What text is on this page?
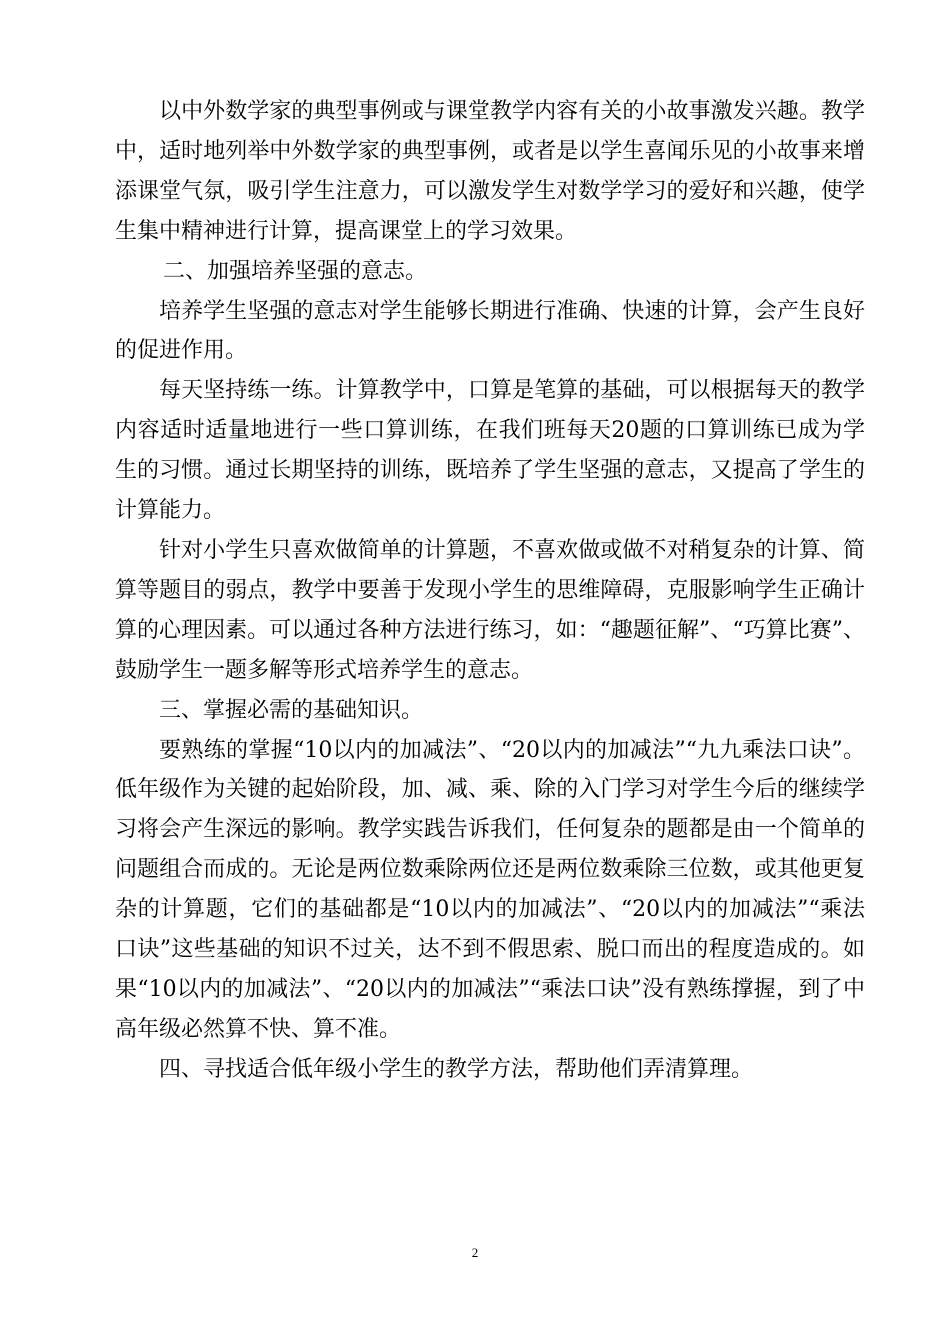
以中外数学家的典型事例或与课堂教学内容有关的小故事激发兴趣。教学中，适时地列举中外数学家的典型事例，或者是以学生喜闻乐见的小故事来增添课堂气氛，吸引学生注意力，可以激发学生对数学学习的爱好和兴趣，使学生集中精神进行计算，提高课堂上的学习效果。

二、加强培养坚强的意志。

培养学生坚强的意志对学生能够长期进行准确、快速的计算，会产生良好的促进作用。

每天坚持练一练。计算教学中，口算是笔算的基础，可以根据每天的教学内容适时适量地进行一些口算训练，在我们班每天20题的口算训练已成为学生的习惯。通过长期坚持的训练，既培养了学生坚强的意志，又提高了学生的计算能力。

针对小学生只喜欢做简单的计算题，不喜欢做或做不对稍复杂的计算、简算等题目的弱点，教学中要善于发现小学生的思维障碍，克服影响学生正确计算的心理因素。可以通过各种方法进行练习，如：“趣题征解”、“巧算比赛”、鼓励学生一题多解等形式培养学生的意志。

三、掌握必需的基础知识。

要熟练的掌握“10以内的加减法”、“20以内的加减法”“九九乘法口诀”。低年级作为关键的起始阶段，加、减、乘、除的入门学习对学生今后的继续学习将会产生深远的影响。教学实践告诉我们，任何复杂的题都是由一个简单的问题组合而成的。无论是两位数乘除两位还是两位数乘除三位数，或其他更复杂的计算题，它们的基础都是“10以内的加减法”、“20以内的加减法”“乘法口诀”这些基础的知识不过关，达不到不假思索、脱口而出的程度造成的。如果“10以内的加减法”、“20以内的加减法”“乘法口诀”没有熟练撑握，到了中高年级必然算不快、算不准。

四、寻找适合低年级小学生的教学方法，帮助他们弄清算理。

2
